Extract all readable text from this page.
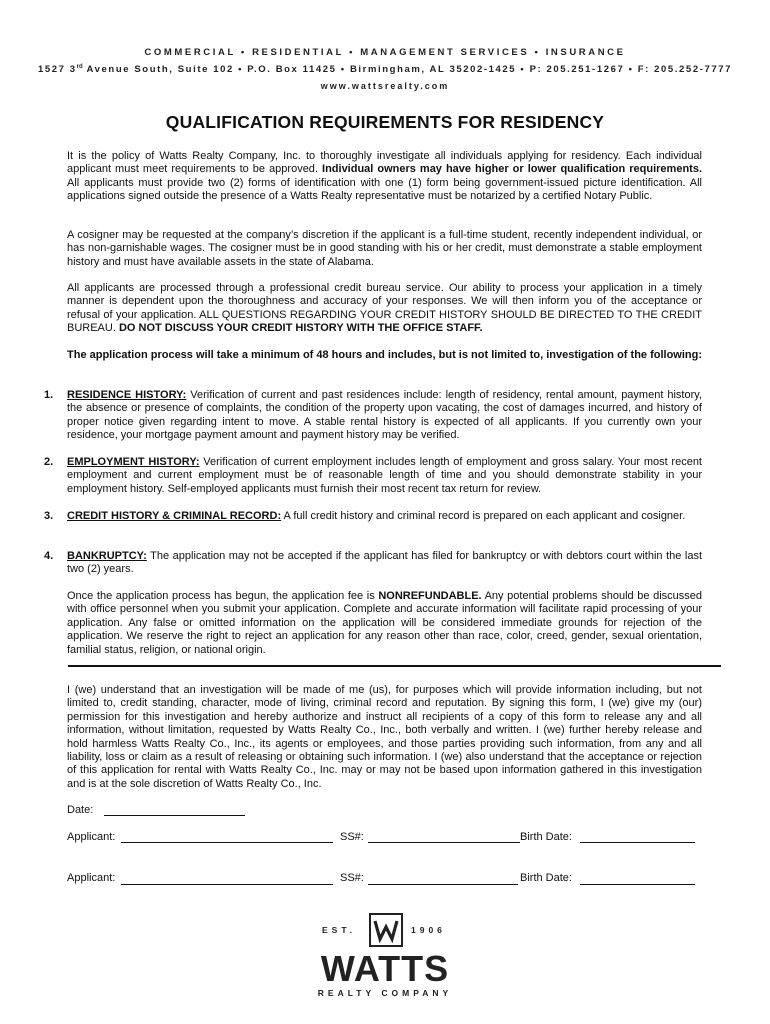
COMMERCIAL • RESIDENTIAL • MANAGEMENT SERVICES • INSURANCE
1527 3rd Avenue South, Suite 102 • P.O. Box 11425 • Birmingham, AL 35202-1425 • P: 205.251-1267 • F: 205.252-7777
www.wattsrealty.com
QUALIFICATION REQUIREMENTS FOR RESIDENCY
It is the policy of Watts Realty Company, Inc. to thoroughly investigate all individuals applying for residency. Each individual applicant must meet requirements to be approved. Individual owners may have higher or lower qualification requirements. All applicants must provide two (2) forms of identification with one (1) form being government-issued picture identification. All applications signed outside the presence of a Watts Realty representative must be notarized by a certified Notary Public.
A cosigner may be requested at the company’s discretion if the applicant is a full-time student, recently independent individual, or has non-garnishable wages. The cosigner must be in good standing with his or her credit, must demonstrate a stable employment history and must have available assets in the state of Alabama.
All applicants are processed through a professional credit bureau service. Our ability to process your application in a timely manner is dependent upon the thoroughness and accuracy of your responses. We will then inform you of the acceptance or refusal of your application. ALL QUESTIONS REGARDING YOUR CREDIT HISTORY SHOULD BE DIRECTED TO THE CREDIT BUREAU. DO NOT DISCUSS YOUR CREDIT HISTORY WITH THE OFFICE STAFF.
The application process will take a minimum of 48 hours and includes, but is not limited to, investigation of the following:
1. RESIDENCE HISTORY: Verification of current and past residences include: length of residency, rental amount, payment history, the absence or presence of complaints, the condition of the property upon vacating, the cost of damages incurred, and history of proper notice given regarding intent to move. A stable rental history is expected of all applicants. If you currently own your residence, your mortgage payment amount and payment history may be verified.
2. EMPLOYMENT HISTORY: Verification of current employment includes length of employment and gross salary. Your most recent employment and current employment must be of reasonable length of time and you should demonstrate stability in your employment history. Self-employed applicants must furnish their most recent tax return for review.
3. CREDIT HISTORY & CRIMINAL RECORD: A full credit history and criminal record is prepared on each applicant and cosigner.
4. BANKRUPTCY: The application may not be accepted if the applicant has filed for bankruptcy or with debtors court within the last two (2) years.
Once the application process has begun, the application fee is NONREFUNDABLE. Any potential problems should be discussed with office personnel when you submit your application. Complete and accurate information will facilitate rapid processing of your application. Any false or omitted information on the application will be considered immediate grounds for rejection of the application. We reserve the right to reject an application for any reason other than race, color, creed, gender, sexual orientation, familial status, religion, or national origin.
I (we) understand that an investigation will be made of me (us), for purposes which will provide information including, but not limited to, credit standing, character, mode of living, criminal record and reputation. By signing this form, I (we) give my (our) permission for this investigation and hereby authorize and instruct all recipients of a copy of this form to release any and all information, without limitation, requested by Watts Realty Co., Inc., both verbally and written. I (we) further hereby release and hold harmless Watts Realty Co., Inc., its agents or employees, and those parties providing such information, from any and all liability, loss or claim as a result of releasing or obtaining such information. I (we) also understand that the acceptance or rejection of this application for rental with Watts Realty Co., Inc. may or may not be based upon information gathered in this investigation and is at the sole discretion of Watts Realty Co., Inc.
Date:
Applicant:	SS#:	Birth Date:
Applicant:	SS#:	Birth Date:
EST.	1906
WATTS
REALTY COMPANY
